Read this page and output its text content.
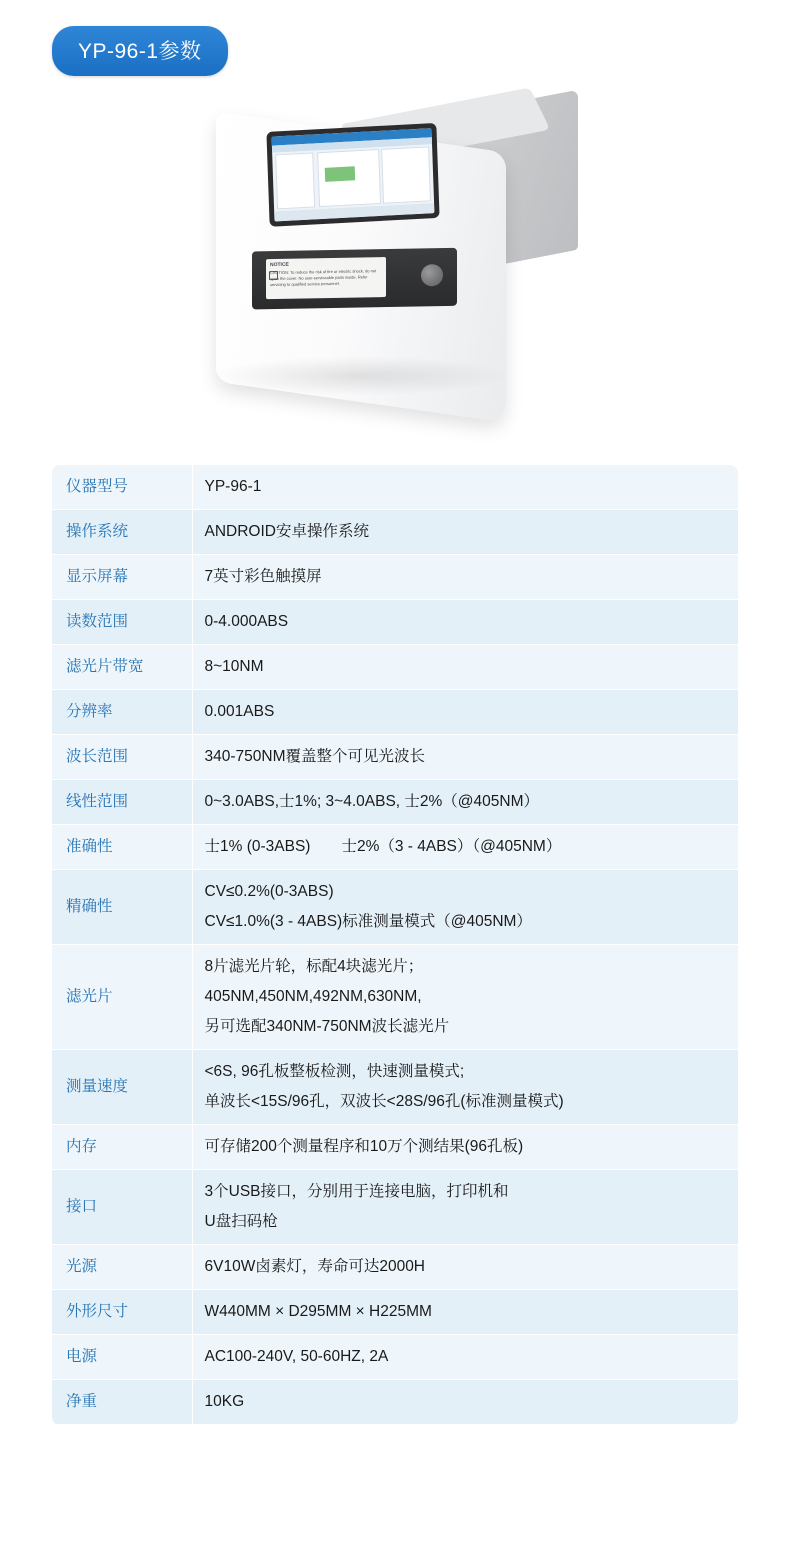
YP-96-1参数
NOTICE
CAUTION: To reduce the risk of fire or electric shock, do not open the cover. No user-serviceable parts inside. Refer servicing to qualified service personnel.
仪器型号	YP-96-1

操作系统	ANDROID安卓操作系统

显示屏幕	7英寸彩色触摸屏

读数范围	0-4.000ABS

滤光片带宽	8~10NM

分辨率	0.001ABS

波长范围	340-750NM覆盖整个可见光波长

线性范围	0~3.0ABS,士1%; 3~4.0ABS, 士2%（@405NM）

准确性	士1% (0-3ABS)　　士2%（3 - 4ABS）（@405NM）

精确性	CV≤0.2%(0-3ABS)
CV≤1.0%(3 - 4ABS)标准测量模式（@405NM）

滤光片	8片滤光片轮，标配4块滤光片；
405NM,450NM,492NM,630NM,
另可选配340NM-750NM波长滤光片

测量速度	<6S, 96孔板整板检测，快速测量模式;
单波长<15S/96孔，双波长<28S/96孔(标准测量模式)

内存	可存储200个测量程序和10万个测结果(96孔板)

接口	3个USB接口，分别用于连接电脑，打印机和
U盘扫码枪

光源	6V10W卤素灯，寿命可达2000H

外形尺寸	W440MM × D295MM × H225MM

电源	AC100-240V, 50-60HZ, 2A

净重	10KG
